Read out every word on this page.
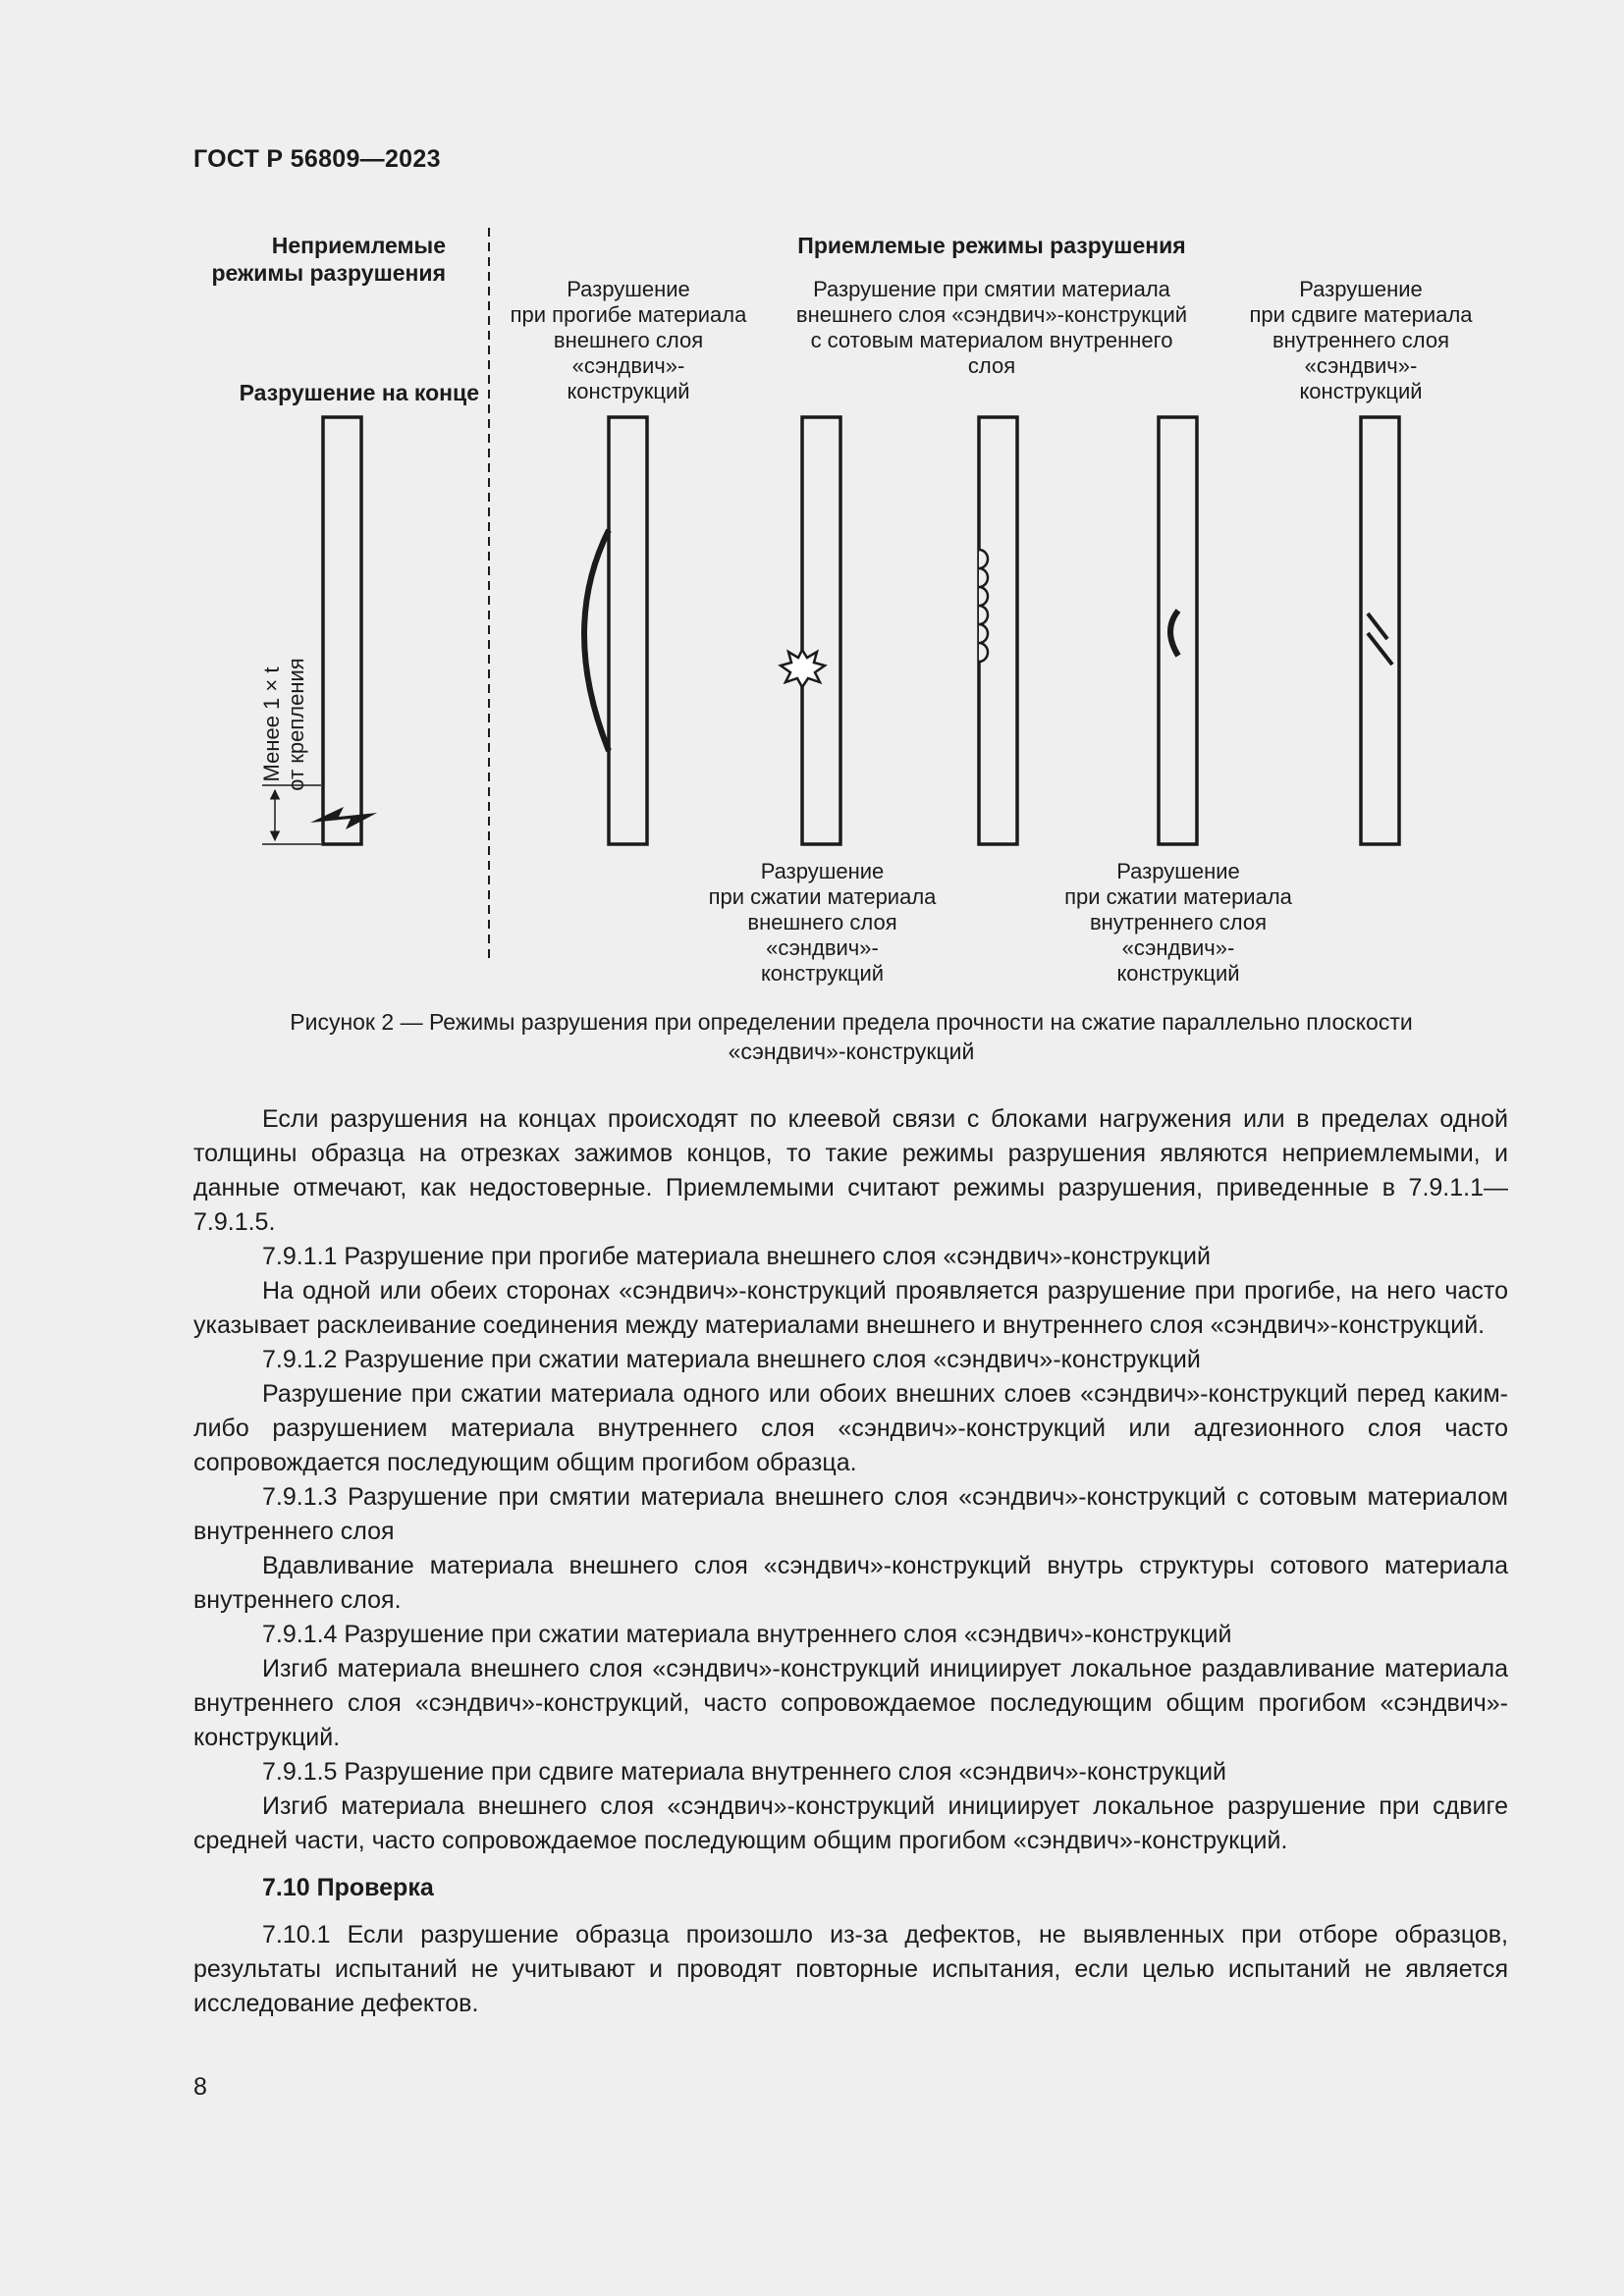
ГОСТ Р 56809—2023
Неприемлемые
режимы разрушения
Приемлемые режимы разрушения
Разрушение на конце
Менее 1 × t от крепления
Разрушение
при прогибе материала
внешнего слоя
«сэндвич»-
конструкций
Разрушение при смятии материала
внешнего слоя «сэндвич»-конструкций
с сотовым материалом внутреннего
слоя
Разрушение
при сдвиге материала
внутреннего слоя
«сэндвич»-
конструкций
Разрушение
при сжатии материала
внешнего слоя
«сэндвич»-
конструкций
Разрушение
при сжатии материала
внутреннего слоя
«сэндвич»-
конструкций
Рисунок 2 — Режимы разрушения при определении предела прочности на сжатие параллельно плоскости
«сэндвич»-конструкций

Если разрушения на концах происходят по клеевой связи с блоками нагружения или в пределах одной толщины образца на отрезках зажимов концов, то такие режимы разрушения являются неприемлемыми, и данные отмечают, как недостоверные. Приемлемыми считают режимы разрушения, приведенные в 7.9.1.1—7.9.1.5.

7.9.1.1 Разрушение при прогибе материала внешнего слоя «сэндвич»-конструкций

На одной или обеих сторонах «сэндвич»-конструкций проявляется разрушение при прогибе, на него часто указывает расклеивание соединения между материалами внешнего и внутреннего слоя «сэндвич»-конструкций.

7.9.1.2 Разрушение при сжатии материала внешнего слоя «сэндвич»-конструкций

Разрушение при сжатии материала одного или обоих внешних слоев «сэндвич»-конструкций перед каким-либо разрушением материала внутреннего слоя «сэндвич»-конструкций или адгезионного слоя часто сопровождается последующим общим прогибом образца.

7.9.1.3 Разрушение при смятии материала внешнего слоя «сэндвич»-конструкций с сотовым материалом внутреннего слоя

Вдавливание материала внешнего слоя «сэндвич»-конструкций внутрь структуры сотового материала внутреннего слоя.

7.9.1.4 Разрушение при сжатии материала внутреннего слоя «сэндвич»-конструкций

Изгиб материала внешнего слоя «сэндвич»-конструкций инициирует локальное раздавливание материала внутреннего слоя «сэндвич»-конструкций, часто сопровождаемое последующим общим прогибом «сэндвич»-конструкций.

7.9.1.5 Разрушение при сдвиге материала внутреннего слоя «сэндвич»-конструкций

Изгиб материала внешнего слоя «сэндвич»-конструкций инициирует локальное разрушение при сдвиге средней части, часто сопровождаемое последующим общим прогибом «сэндвич»-конструкций.

7.10 Проверка

7.10.1 Если разрушение образца произошло из-за дефектов, не выявленных при отборе образцов, результаты испытаний не учитывают и проводят повторные испытания, если целью испытаний не является исследование дефектов.

8
